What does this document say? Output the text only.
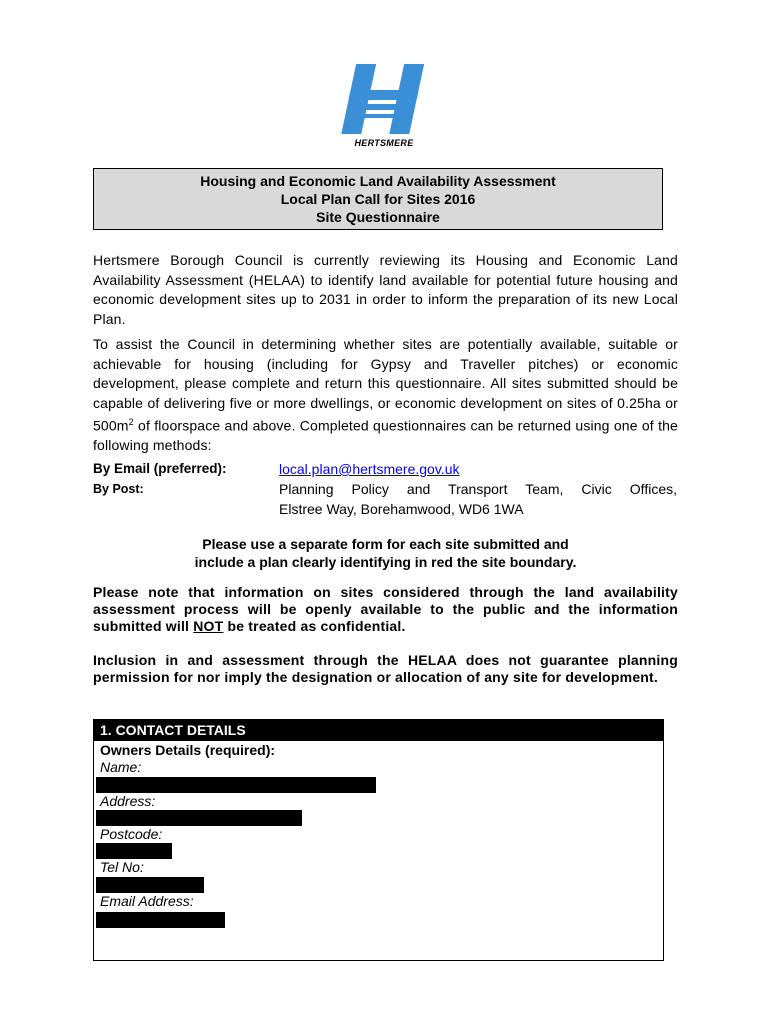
HERTSMERE
Housing and Economic Land Availability Assessment
Local Plan Call for Sites 2016
Site Questionnaire
Hertsmere Borough Council is currently reviewing its Housing and Economic Land Availability Assessment (HELAA) to identify land available for potential future housing and economic development sites up to 2031 in order to inform the preparation of its new Local Plan.
To assist the Council in determining whether sites are potentially available, suitable or achievable for housing (including for Gypsy and Traveller pitches) or economic development, please complete and return this questionnaire. All sites submitted should be capable of delivering five or more dwellings, or economic development on sites of 0.25ha or $500m^2$ of floorspace and above. Completed questionnaires can be returned using one of the following methods:
By Email (preferred):	local.plan@hertsmere.gov.uk
By Post:	Planning Policy and Transport Team, Civic Offices,
Elstree Way, Borehamwood, WD6 1WA
Please use a separate form for each site submitted and
include a plan clearly identifying in red the site boundary.
Please note that information on sites considered through the land availability assessment process will be openly available to the public and the information submitted will NOT be treated as confidential.
Inclusion in and assessment through the HELAA does not guarantee planning permission for nor imply the designation or allocation of any site for development.
1. CONTACT DETAILS
Owners Details (required):
Name:
Address:
Postcode:
Tel No:
Email Address:
